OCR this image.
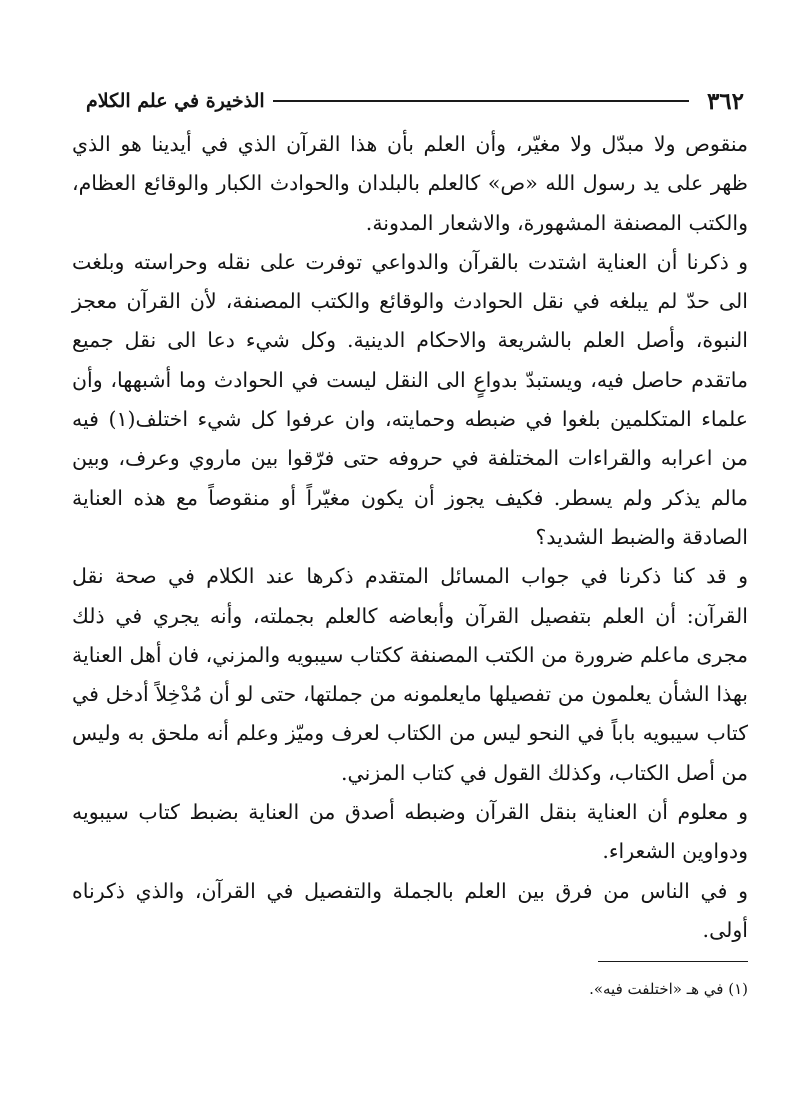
٣٦٢
الذخيرة في علم الكلام

منقوص ولا مبدّل ولا مغيّر، وأن العلم بأن هذا القرآن الذي في أيدينا هو الذي ظهر على يد رسول الله «ص» كالعلم بالبلدان والحوادث الكبار والوقائع العظام، والكتب المصنفة المشهورة، والاشعار المدونة.

و ذكرنا أن العناية اشتدت بالقرآن والدواعي توفرت على نقله وحراسته وبلغت الى حدّ لم يبلغه في نقل الحوادث والوقائع والكتب المصنفة، لأن القرآن معجز النبوة، وأصل العلم بالشريعة والاحكام الدينية. وكل شيء دعا الى نقل جميع ماتقدم حاصل فيه، ويستبدّ بدواعٍ الى النقل ليست في الحوادث وما أشبهها، وأن علماء المتكلمين بلغوا في ضبطه وحمايته، وان عرفوا كل شيء اختلف(١) فيه من اعرابه والقراءات المختلفة في حروفه حتى فرّقوا بين ماروي وعرف، وبين مالم يذكر ولم يسطر. فكيف يجوز أن يكون مغيّراً أو منقوصاً مع هذه العناية الصادقة والضبط الشديد؟

و قد كنا ذكرنا في جواب المسائل المتقدم ذكرها عند الكلام في صحة نقل القرآن: أن العلم بتفصيل القرآن وأبعاضه كالعلم بجملته، وأنه يجري في ذلك مجرى ماعلم ضرورة من الكتب المصنفة ككتاب سيبويه والمزني، فان أهل العناية بهذا الشأن يعلمون من تفصيلها مايعلمونه من جملتها، حتى لو أن مُدْخِلاً أدخل في كتاب سيبويه باباً في النحو ليس من الكتاب لعرف وميّز وعلم أنه ملحق به وليس من أصل الكتاب، وكذلك القول في كتاب المزني.

و معلوم أن العناية بنقل القرآن وضبطه أصدق من العناية بضبط كتاب سيبويه ودواوين الشعراء.

و في الناس من فرق بين العلم بالجملة والتفصيل في القرآن، والذي ذكرناه أولى.

(١) في هـ «اختلفت فيه».
